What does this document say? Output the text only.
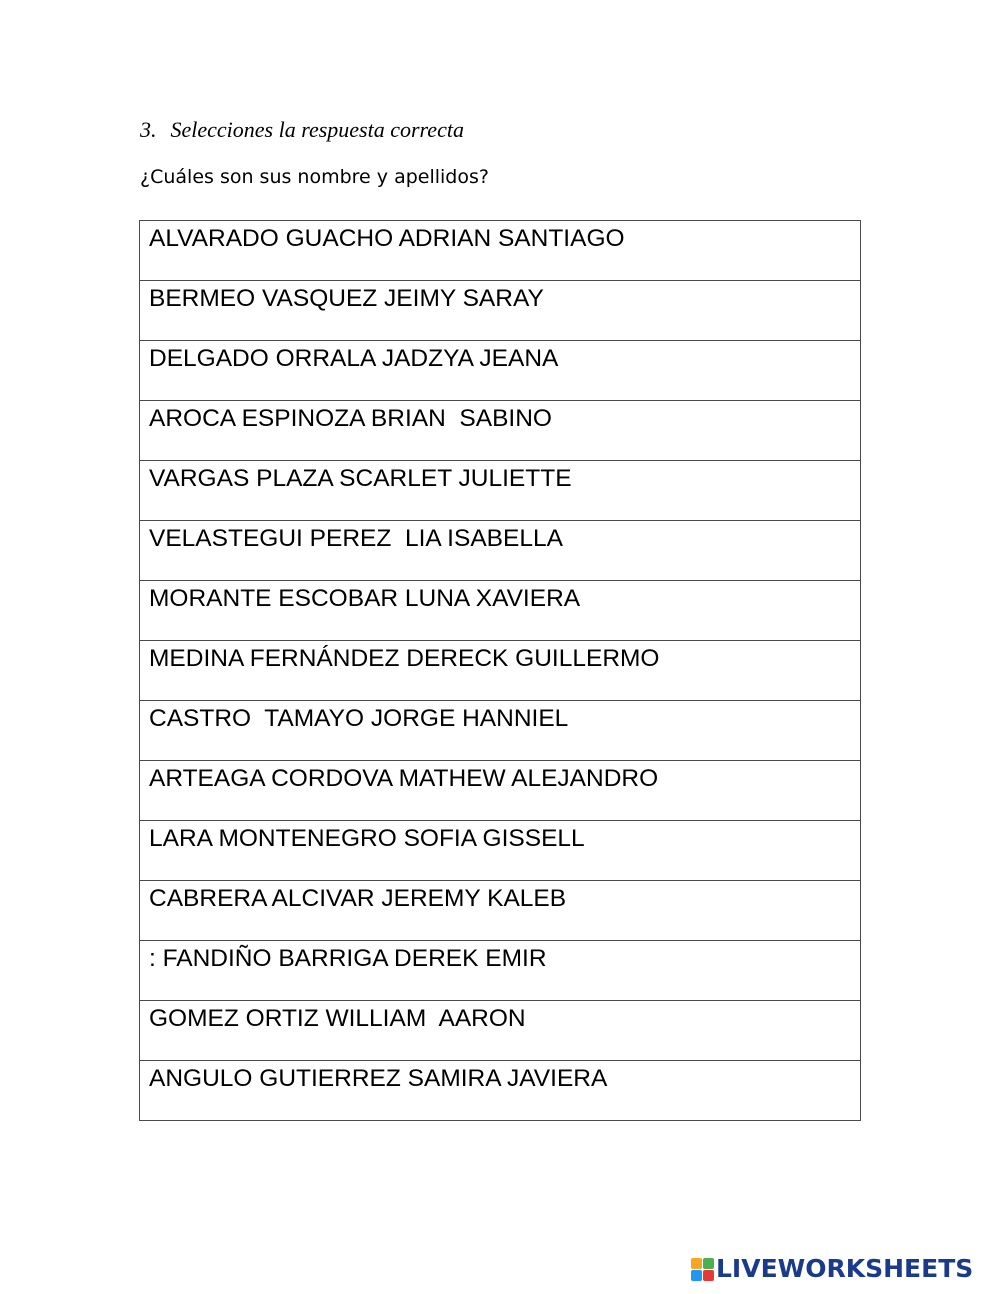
3. Selecciones la respuesta correcta
¿Cuáles son sus nombre y apellidos?
ALVARADO GUACHO ADRIAN SANTIAGO

BERMEO VASQUEZ JEIMY SARAY

DELGADO ORRALA JADZYA JEANA

AROCA ESPINOZA BRIAN  SABINO

VARGAS PLAZA SCARLET JULIETTE

VELASTEGUI PEREZ  LIA ISABELLA

MORANTE ESCOBAR LUNA XAVIERA

MEDINA FERNÁNDEZ DERECK GUILLERMO

CASTRO  TAMAYO JORGE HANNIEL

ARTEAGA CORDOVA MATHEW ALEJANDRO

LARA MONTENEGRO SOFIA GISSELL

CABRERA ALCIVAR JEREMY KALEB

: FANDIÑO BARRIGA DEREK EMIR

GOMEZ ORTIZ WILLIAM  AARON

ANGULO GUTIERREZ SAMIRA JAVIERA
LIVEWORKSHEETS
